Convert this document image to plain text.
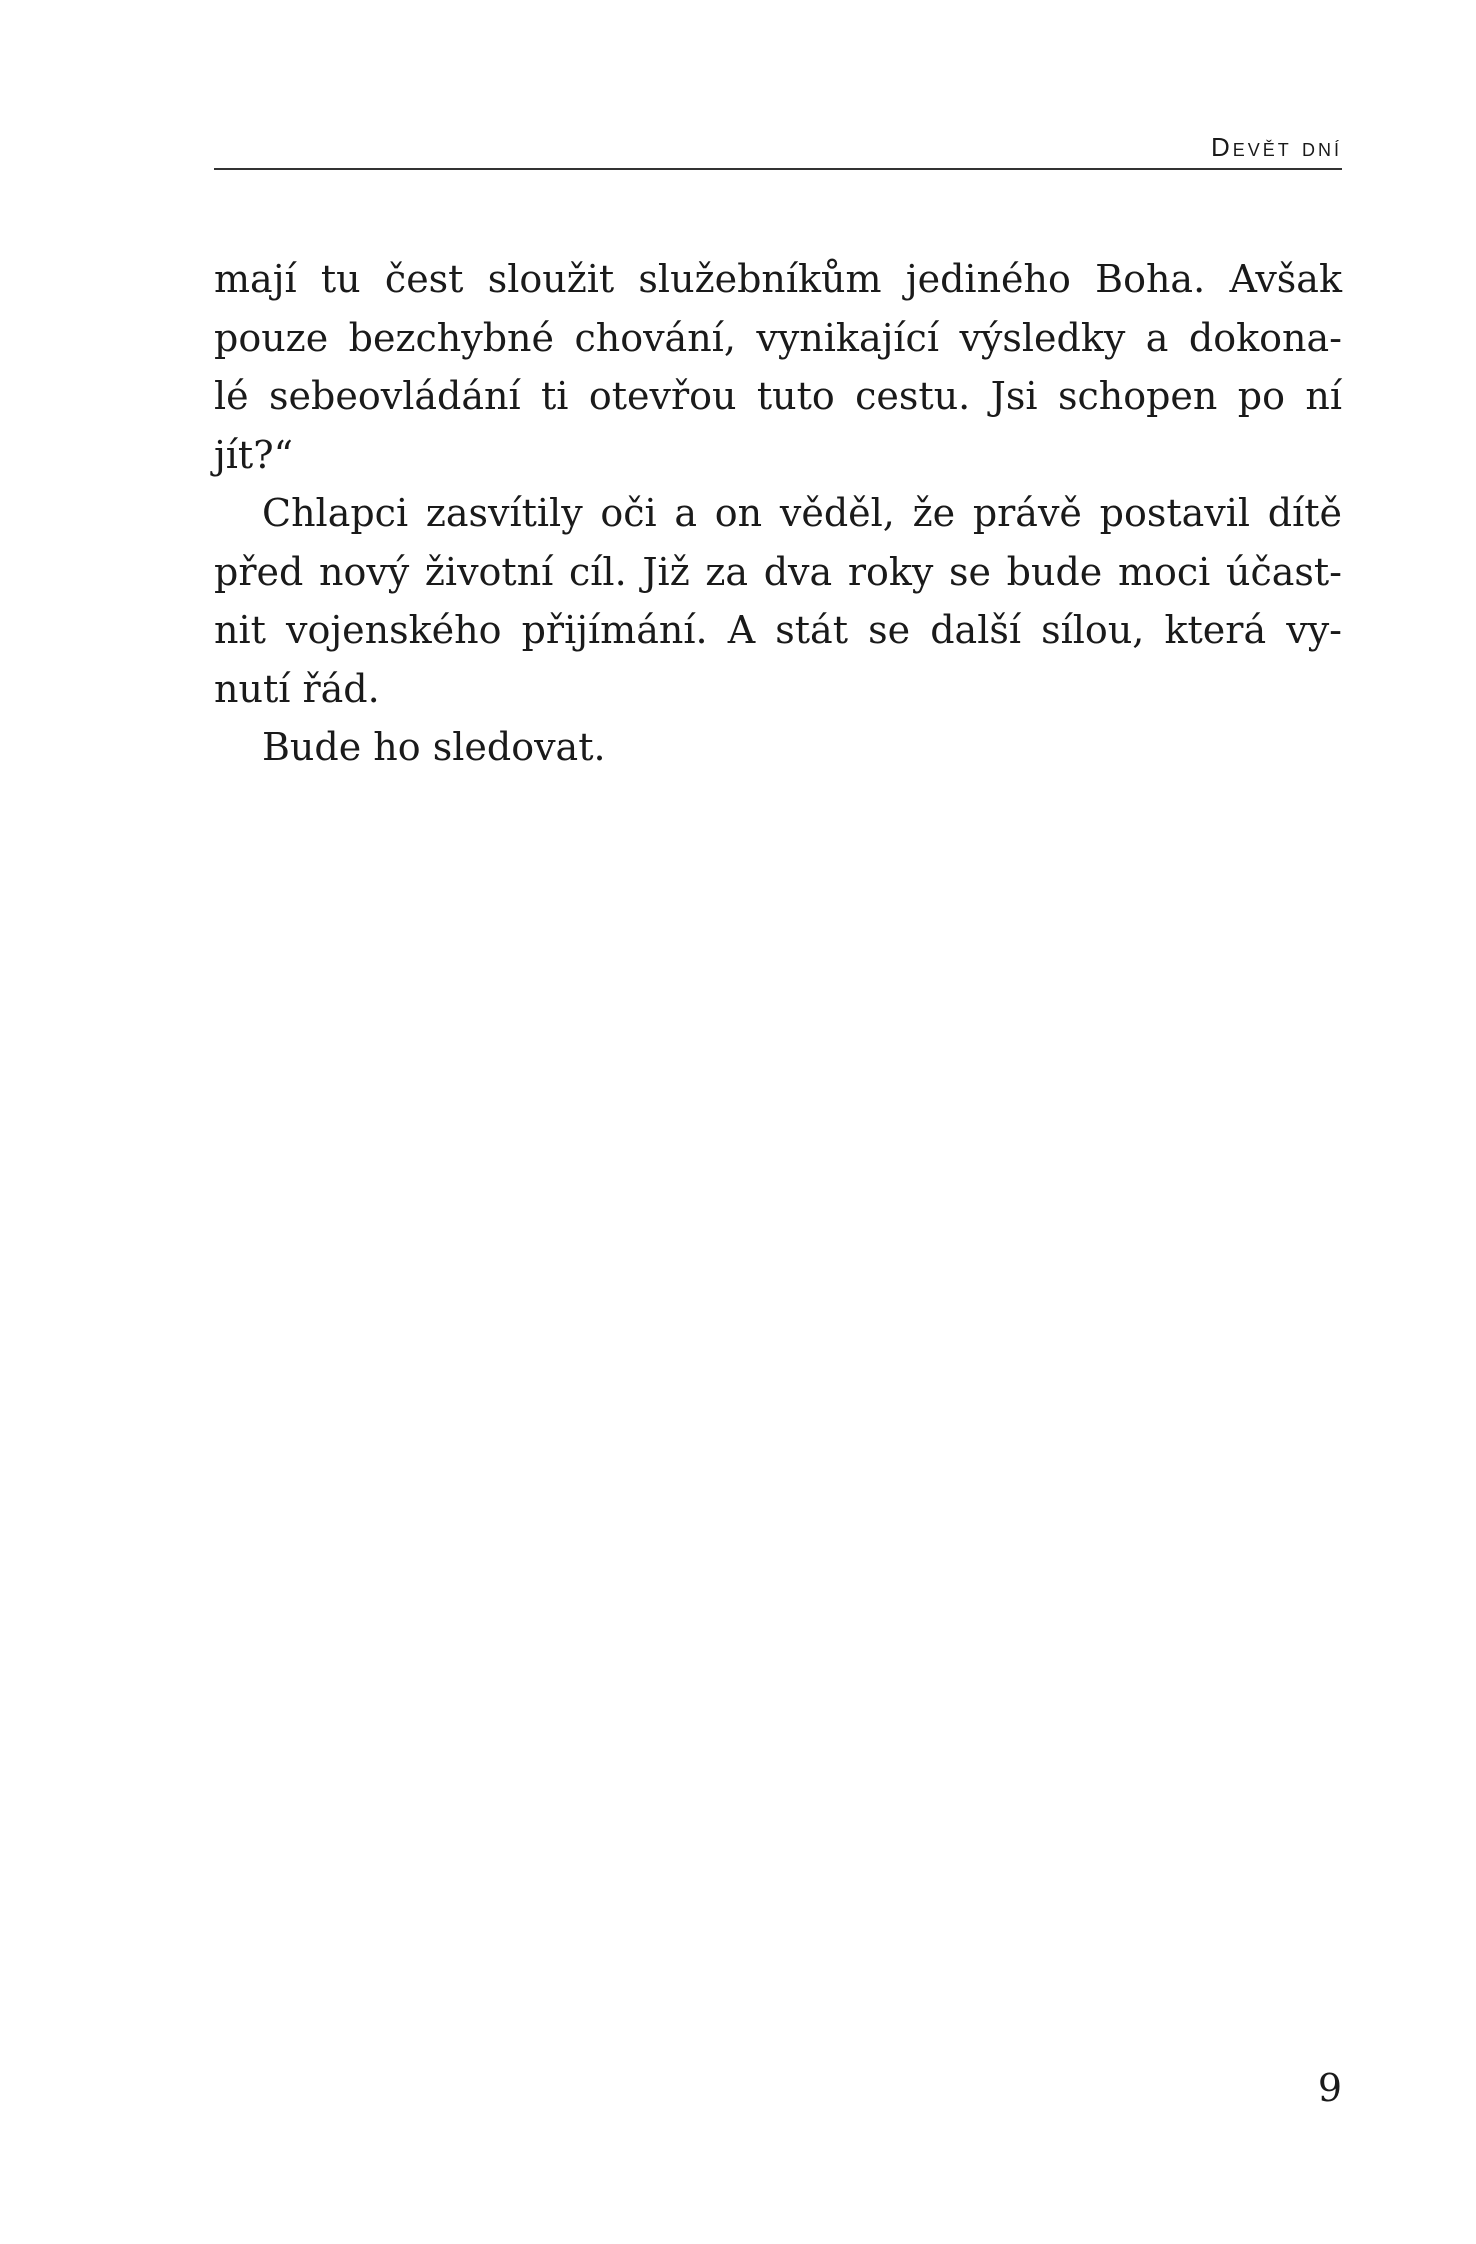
Devět dní
mají tu čest sloužit služebníkům jediného Boha. Avšak
pouze bezchybné chování, vynikající výsledky a dokona-
lé sebeovládání ti otevřou tuto cestu. Jsi schopen po ní
jít?“
Chlapci zasvítily oči a on věděl, že právě postavil dítě
před nový životní cíl. Již za dva roky se bude moci účast-
nit vojenského přijímání. A stát se další sílou, která vy-
nutí řád.
Bude ho sledovat.
9
